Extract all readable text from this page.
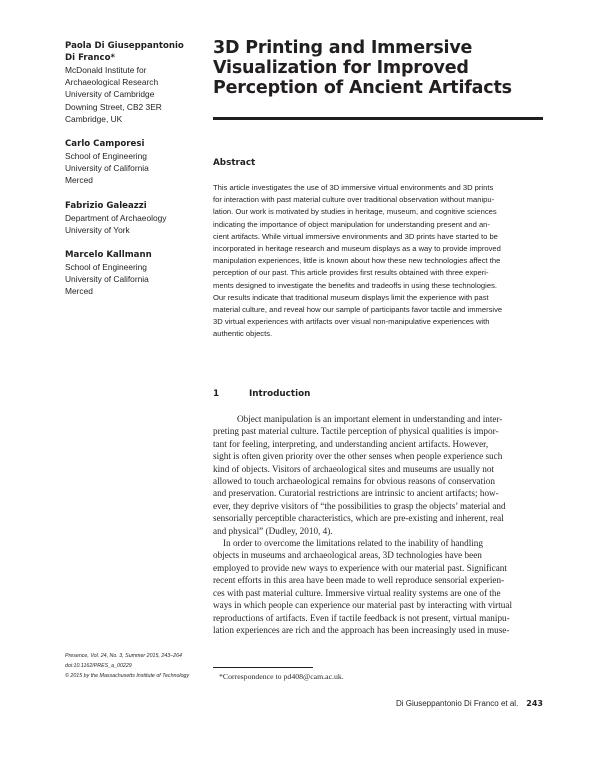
Paola Di Giuseppantonio
Di Franco*
McDonald Institute for
Archaeological Research
University of Cambridge
Downing Street, CB2 3ER
Cambridge, UK
Carlo Camporesi
School of Engineering
University of California
Merced
Fabrizio Galeazzi
Department of Archaeology
University of York
Marcelo Kallmann
School of Engineering
University of California
Merced
3D Printing and Immersive
Visualization for Improved
Perception of Ancient Artifacts
Abstract
This article investigates the use of 3D immersive virtual environments and 3D prints
for interaction with past material culture over traditional observation without manipu-
lation. Our work is motivated by studies in heritage, museum, and cognitive sciences
indicating the importance of object manipulation for understanding present and an-
cient artifacts. While virtual immersive environments and 3D prints have started to be
incorporated in heritage research and museum displays as a way to provide improved
manipulation experiences, little is known about how these new technologies affect the
perception of our past. This article provides first results obtained with three experi-
ments designed to investigate the benefits and tradeoffs in using these technologies.
Our results indicate that traditional museum displays limit the experience with past
material culture, and reveal how our sample of participants favor tactile and immersive
3D virtual experiences with artifacts over visual non-manipulative experiences with
authentic objects.
1	Introduction
Object manipulation is an important element in understanding and inter-
preting past material culture. Tactile perception of physical qualities is impor-
tant for feeling, interpreting, and understanding ancient artifacts. However,
sight is often given priority over the other senses when people experience such
kind of objects. Visitors of archaeological sites and museums are usually not
allowed to touch archaeological remains for obvious reasons of conservation
and preservation. Curatorial restrictions are intrinsic to ancient artifacts; how-
ever, they deprive visitors of “the possibilities to grasp the objects’ material and
sensorially perceptible characteristics, which are pre-existing and inherent, real
and physical” (Dudley, 2010, 4).
In order to overcome the limitations related to the inability of handling
objects in museums and archaeological areas, 3D technologies have been
employed to provide new ways to experience with our material past. Significant
recent efforts in this area have been made to well reproduce sensorial experien-
ces with past material culture. Immersive virtual reality systems are one of the
ways in which people can experience our material past by interacting with virtual
reproductions of artifacts. Even if tactile feedback is not present, virtual manipu-
lation experiences are rich and the approach has been increasingly used in muse-
Presence, Vol. 24, No. 3, Summer 2015, 243–264
doi:10.1162/PRES_a_00229
© 2015 by the Massachusetts Institute of Technology	*Correspondence to pd408@cam.ac.uk.
Di Giuseppantonio Di Franco et al. 243
